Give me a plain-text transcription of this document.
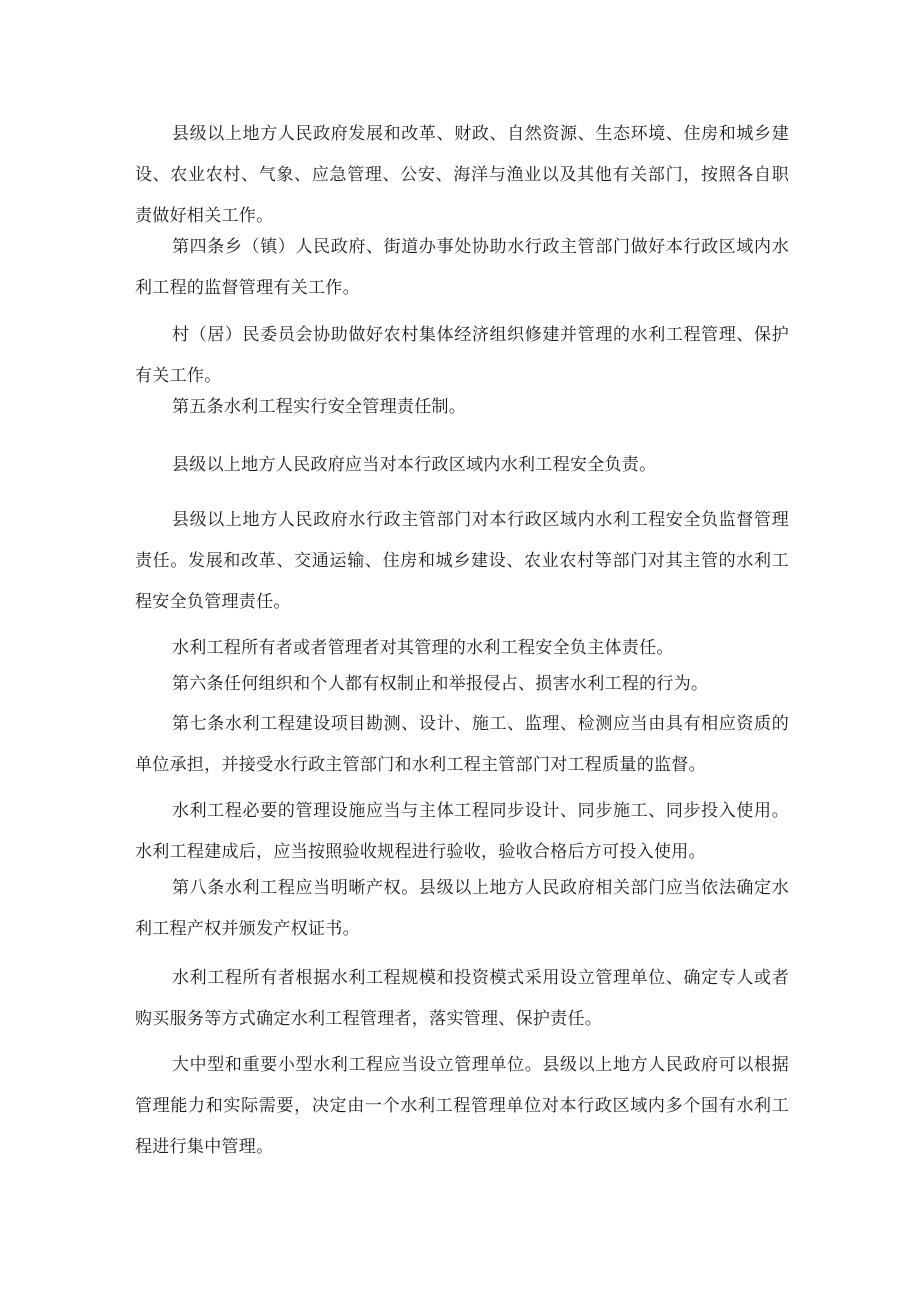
县级以上地方人民政府发展和改革、财政、自然资源、生态环境、住房和城乡建设、农业农村、气象、应急管理、公安、海洋与渔业以及其他有关部门，按照各自职责做好相关工作。

第四条乡（镇）人民政府、街道办事处协助水行政主管部门做好本行政区域内水利工程的监督管理有关工作。

村（居）民委员会协助做好农村集体经济组织修建并管理的水利工程管理、保护有关工作。

第五条水利工程实行安全管理责任制。

县级以上地方人民政府应当对本行政区域内水利工程安全负责。

县级以上地方人民政府水行政主管部门对本行政区域内水利工程安全负监督管理责任。发展和改革、交通运输、住房和城乡建设、农业农村等部门对其主管的水利工程安全负管理责任。

水利工程所有者或者管理者对其管理的水利工程安全负主体责任。

第六条任何组织和个人都有权制止和举报侵占、损害水利工程的行为。

第七条水利工程建设项目勘测、设计、施工、监理、检测应当由具有相应资质的单位承担，并接受水行政主管部门和水利工程主管部门对工程质量的监督。

水利工程必要的管理设施应当与主体工程同步设计、同步施工、同步投入使用。水利工程建成后，应当按照验收规程进行验收，验收合格后方可投入使用。

第八条水利工程应当明晰产权。县级以上地方人民政府相关部门应当依法确定水利工程产权并颁发产权证书。

水利工程所有者根据水利工程规模和投资模式采用设立管理单位、确定专人或者购买服务等方式确定水利工程管理者，落实管理、保护责任。

大中型和重要小型水利工程应当设立管理单位。县级以上地方人民政府可以根据管理能力和实际需要，决定由一个水利工程管理单位对本行政区域内多个国有水利工程进行集中管理。
